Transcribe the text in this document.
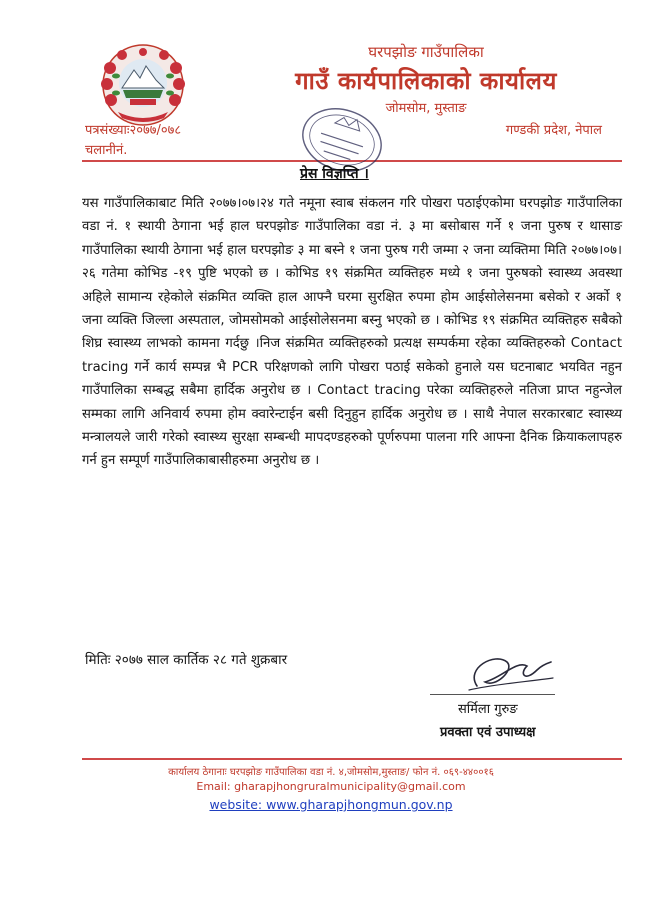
घरपझोङ गाउँपालिका
गाउँ कार्यपालिकाको कार्यालय
जोमसोम, मुस्ताङ
पत्रसंख्याः२०७७/०७८
चलानीनं.
गण्डकी प्रदेश, नेपाल
प्रेस विज्ञप्ति ।
यस गाउँपालिकाबाट मिति २०७७।०७।२४ गते नमूना स्वाब संकलन गरि पोखरा पठाईएकोमा घरपझोङ गाउँपालिका वडा नं. १ स्थायी ठेगाना भई हाल घरपझोङ गाउँपालिका वडा नं. ३ मा बसोबास गर्ने १ जना पुरुष र थासाङ गाउँपालिका स्थायी ठेगाना भई हाल घरपझोङ ३ मा बस्ने १ जना पुरुष गरी जम्मा २ जना व्यक्तिमा मिति २०७७।०७।२६ गतेमा कोभिड -१९ पुष्टि भएको छ । कोभिड १९ संक्रमित व्यक्तिहरु मध्ये १ जना पुरुषको स्वास्थ्य अवस्था अहिले सामान्य रहेकोले संक्रमित व्यक्ति हाल आफ्नै घरमा सुरक्षित रुपमा होम आईसोलेसनमा बसेको र अर्को १ जना व्यक्ति जिल्ला अस्पताल, जोमसोमको आईसोलेसनमा बस्नु भएको छ । कोभिड १९ संक्रमित व्यक्तिहरु सबैको शिघ्र स्वास्थ्य लाभको कामना गर्दछु ।निज संक्रमित व्यक्तिहरुको प्रत्यक्ष सम्पर्कमा रहेका व्यक्तिहरुको Contact tracing गर्ने कार्य सम्पन्न भै PCR परिक्षणको लागि पोखरा पठाई सकेको हुनाले यस घटनाबाट भयवित नहुन गाउँपालिका सम्बद्ध सबैमा हार्दिक अनुरोध छ । Contact tracing परेका व्यक्तिहरुले नतिजा प्राप्त नहुन्जेल सम्मका लागि अनिवार्य रुपमा होम क्वारेन्टाईन बसी दिनुहुन हार्दिक अनुरोध छ । साथै नेपाल सरकारबाट स्वास्थ्य मन्त्रालयले जारी गरेको स्वास्थ्य सुरक्षा सम्बन्धी मापदण्डहरुको पूर्णरुपमा पालना गरि आफ्ना दैनिक क्रियाकलापहरु गर्न हुन सम्पूर्ण गाउँपालिकाबासीहरुमा अनुरोध छ ।
मितिः २०७७ साल कार्तिक २८ गते शुक्रबार
सर्मिला गुरुङ
प्रवक्ता एवं उपाध्यक्ष
कार्यालय ठेगानाः घरपझोङ गाउँपालिका वडा नं. ४,जोमसोम,मुस्ताङ/ फोन नं. ०६९-४४००१६
Email: gharapjhongruralmunicipality@gmail.com
website: www.gharapjhongmun.gov.np
